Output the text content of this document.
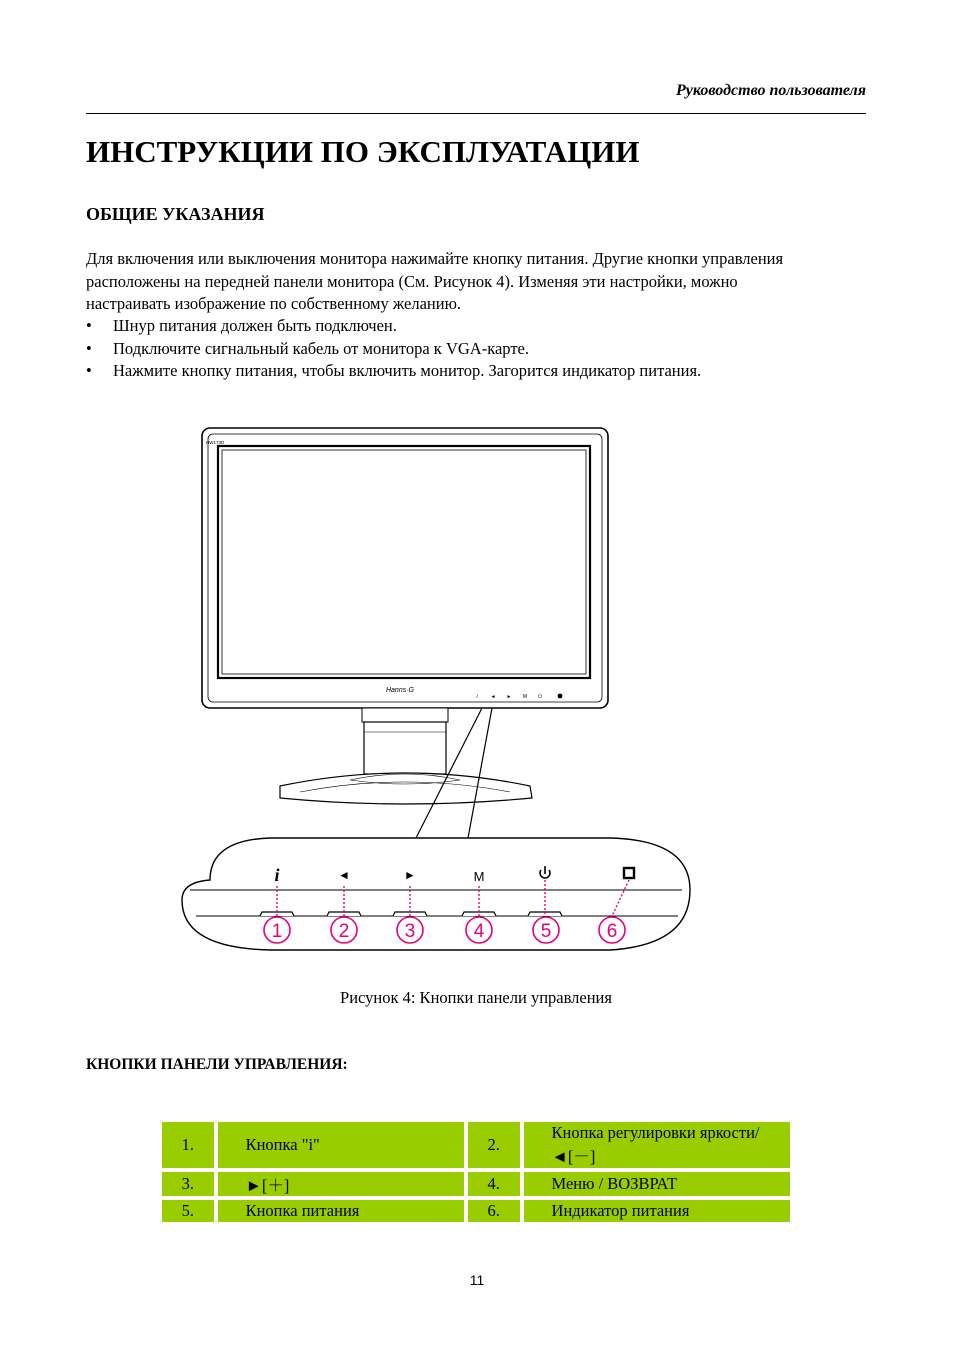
Руководство пользователя
ИНСТРУКЦИИ ПО ЭКСПЛУАТАЦИИ
ОБЩИЕ УКАЗАНИЯ

Для включения или выключения монитора нажимайте кнопку питания. Другие кнопки управления расположены на передней панели монитора (См. Рисунок 4). Изменяя эти настройки, можно настраивать изображение по собственному желанию.

• Шнур питания должен быть подключен.
• Подключите сигнальный кабель от монитора к VGA-карте.
• Нажмите кнопку питания, чтобы включить монитор. Загорится индикатор питания.
HW173D
Hanns·G
i	◄ ► M ⏻
i	◄	►	M
1	2	3	4	5	6
Рисунок 4: Кнопки панели управления
КНОПКИ ПАНЕЛИ УПРАВЛЕНИЯ:
1.	Кнопка "i"	2.	Кнопка регулировки яркости/ ◄[－]
3.	►[＋]	4.	Меню / ВОЗВРАТ
5.	Кнопка питания	6.	Индикатор питания
11
